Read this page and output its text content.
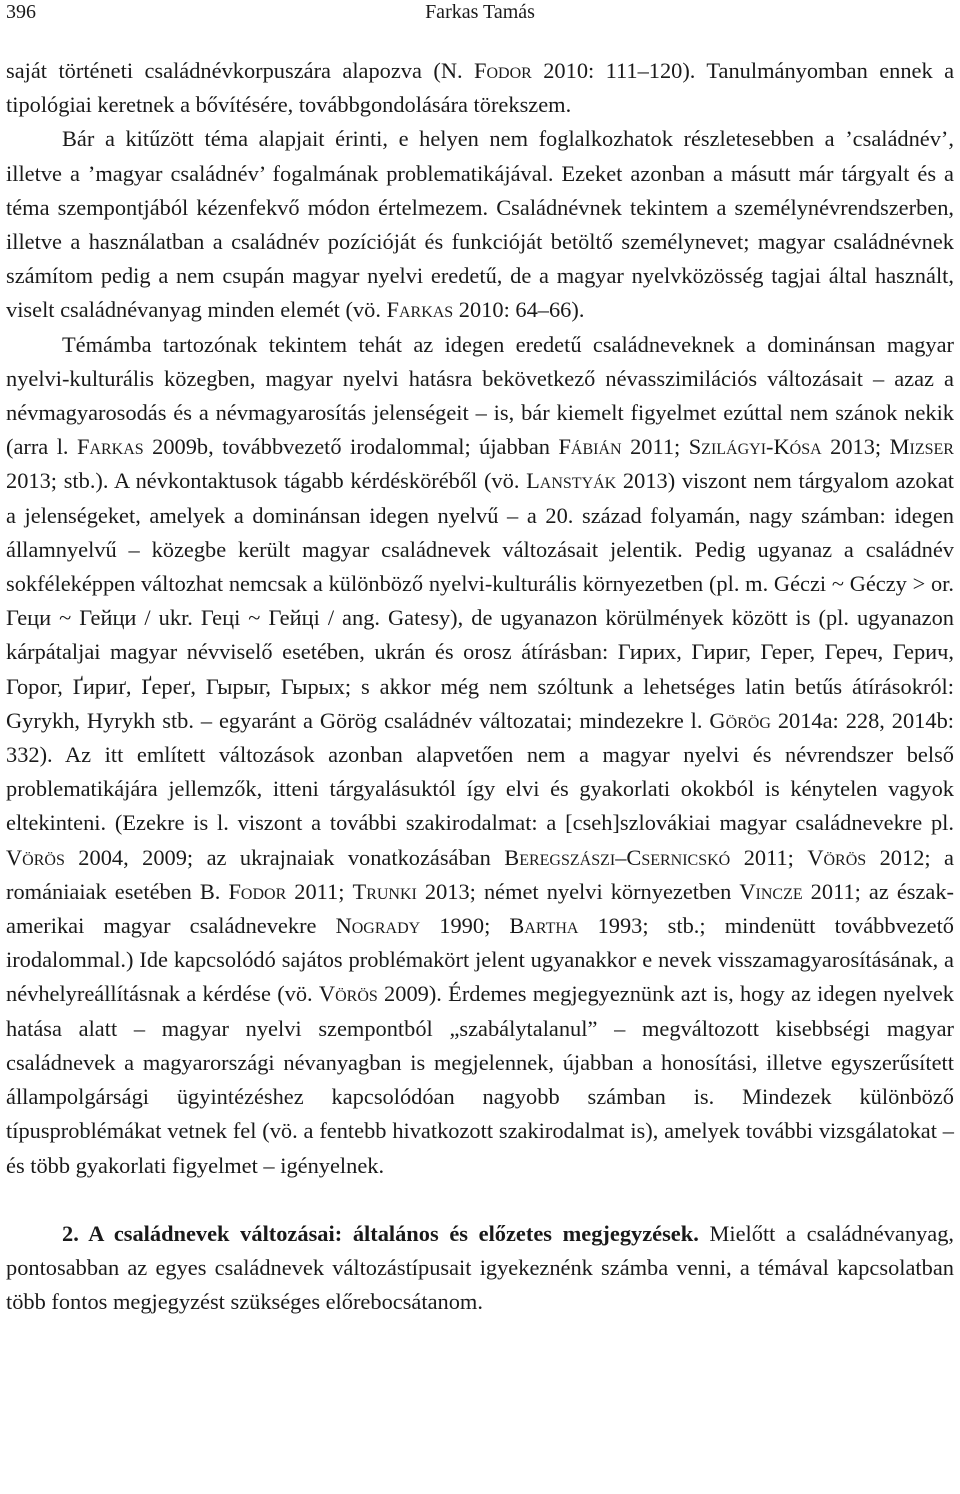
396	Farkas Tamás

saját történeti családnévkorpuszára alapozva (N. Fodor 2010: 111–120). Tanulmányomban ennek a tipológiai keretnek a bővítésére, továbbgondolására törekszem.

Bár a kitűzött téma alapjait érinti, e helyen nem foglalkozhatok részletesebben a ’családnév’, illetve a ’magyar családnév’ fogalmának problematikájával. Ezeket azonban a másutt már tárgyalt és a téma szempontjából kézenfekvő módon értelmezem. Családnévnek tekintem a személynévrendszerben, illetve a használatban a családnév pozícióját és funkcióját betöltő személynevet; magyar családnévnek számítom pedig a nem csupán magyar nyelvi eredetű, de a magyar nyelvközösség tagjai által használt, viselt családnévanyag minden elemét (vö. Farkas 2010: 64–66).

Témámba tartozónak tekintem tehát az idegen eredetű családneveknek a dominánsan magyar nyelvi-kulturális közegben, magyar nyelvi hatásra bekövetkező névasszimilációs változásait – azaz a névmagyarosodás és a névmagyarosítás jelenségeit – is, bár kiemelt figyelmet ezúttal nem szánok nekik (arra l. Farkas 2009b, továbbvezető irodalommal; újabban Fábián 2011; Szilágyi-Kósa 2013; Mizser 2013; stb.). A névkontaktusok tágabb kérdésköréből (vö. Lanstyák 2013) viszont nem tárgyalom azokat a jelenségeket, amelyek a dominánsan idegen nyelvű – a 20. század folyamán, nagy számban: idegen államnyelvű – közegbe került magyar családnevek változásait jelentik. Pedig ugyanaz a családnév sokféleképpen változhat nemcsak a különböző nyelvi-kulturális környezetben (pl. m. Géczi ~ Géczy > or. Геци ~ Гейци / ukr. Геці ~ Гейці / ang. Gatesy), de ugyanazon körülmények között is (pl. ugyanazon kárpátaljai magyar névviselő esetében, ukrán és orosz átírásban: Гирих, Гириг, Герег, Гереч, Герич, Горог, Ґириґ, Ґереґ, Гырыг, Гырых; s akkor még nem szóltunk a lehetséges latin betűs átírásokról: Gyrykh, Hyrykh stb. – egyaránt a Görög családnév változatai; mindezekre l. Görög 2014a: 228, 2014b: 332). Az itt említett változások azonban alapvetően nem a magyar nyelvi és névrendszer belső problematikájára jellemzők, itteni tárgyalásuktól így elvi és gyakorlati okokból is kénytelen vagyok eltekinteni. (Ezekre is l. viszont a további szakirodalmat: a [cseh]szlovákiai magyar családnevekre pl. Vörös 2004, 2009; az ukrajnaiak vonatkozásában Beregszászi–Csernicskó 2011; Vörös 2012; a romániaiak esetében B. Fodor 2011; Trunki 2013; német nyelvi környezetben Vincze 2011; az észak-amerikai magyar családnevekre Nogrady 1990; Bartha 1993; stb.; mindenütt továbbvezető irodalommal.) Ide kapcsolódó sajátos problémakört jelent ugyanakkor e nevek visszamagyarosításának, a névhelyreállításnak a kérdése (vö. Vörös 2009). Érdemes megjegyeznünk azt is, hogy az idegen nyelvek hatása alatt – magyar nyelvi szempontból „szabálytalanul” – megváltozott kisebbségi magyar családnevek a magyarországi névanyagban is megjelennek, újabban a honosítási, illetve egyszerűsített állampolgársági ügyintézéshez kapcsolódóan nagyobb számban is. Mindezek különböző típusproblémákat vetnek fel (vö. a fentebb hivatkozott szakirodalmat is), amelyek további vizsgálatokat – és több gyakorlati figyelmet – igényelnek.

2. A családnevek változásai: általános és előzetes megjegyzések. Mielőtt a családnévanyag, pontosabban az egyes családnevek változástípusait igyekeznénk számba venni, a témával kapcsolatban több fontos megjegyzést szükséges előrebocsátanom.
